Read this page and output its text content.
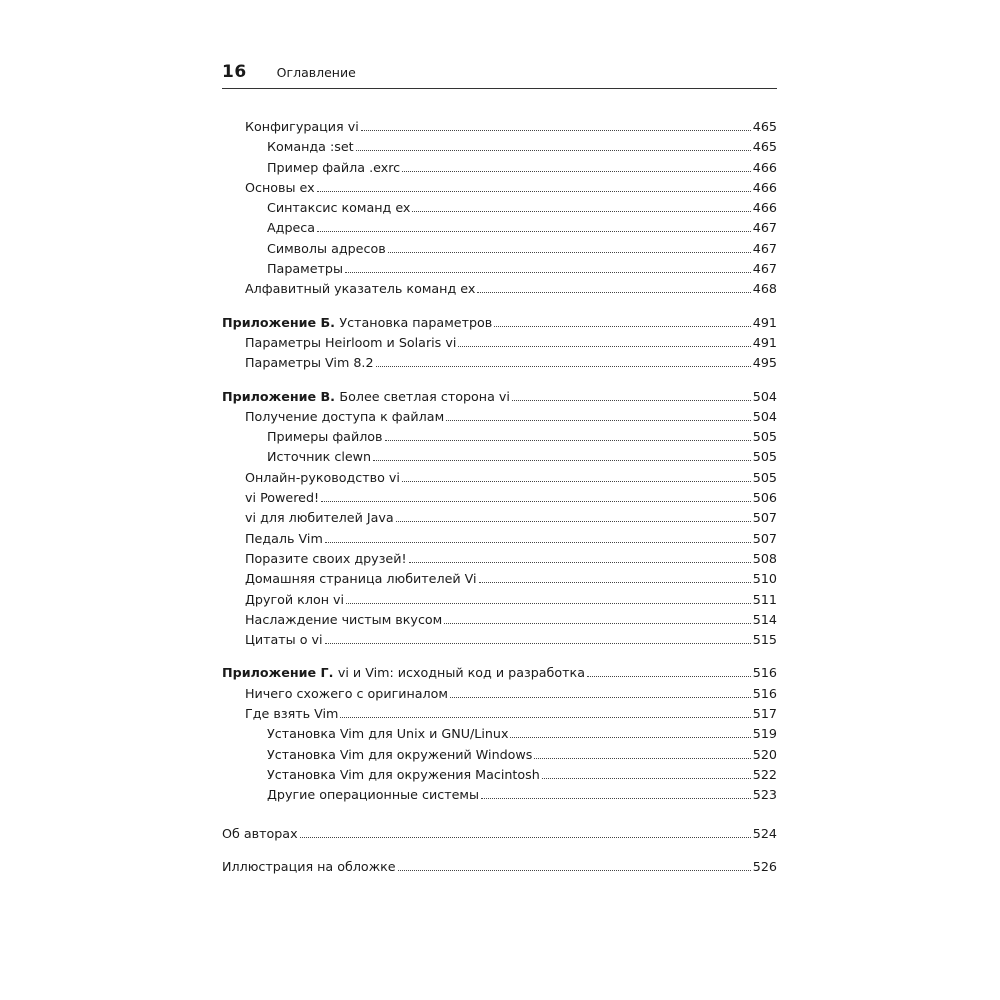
16 Оглавление
Конфигурация vi	465
Команда :set	465
Пример файла .exrc	466
Основы ex	466
Синтаксис команд ex	466
Адреса	467
Символы адресов	467
Параметры	467
Алфавитный указатель команд ex	468
Приложение Б. Установка параметров	491
Параметры Heirloom и Solaris vi	491
Параметры Vim 8.2	495
Приложение В. Более светлая сторона vi	504
Получение доступа к файлам	504
Примеры файлов	505
Источник clewn	505
Онлайн-руководство vi	505
vi Powered!	506
vi для любителей Java	507
Педаль Vim	507
Поразите своих друзей!	508
Домашняя страница любителей Vi	510
Другой клон vi	511
Наслаждение чистым вкусом	514
Цитаты о vi	515
Приложение Г. vi и Vim: исходный код и разработка	516
Ничего схожего с оригиналом	516
Где взять Vim	517
Установка Vim для Unix и GNU/Linux	519
Установка Vim для окружений Windows	520
Установка Vim для окружения Macintosh	522
Другие операционные системы	523
Об авторах	524
Иллюстрация на обложке	526
